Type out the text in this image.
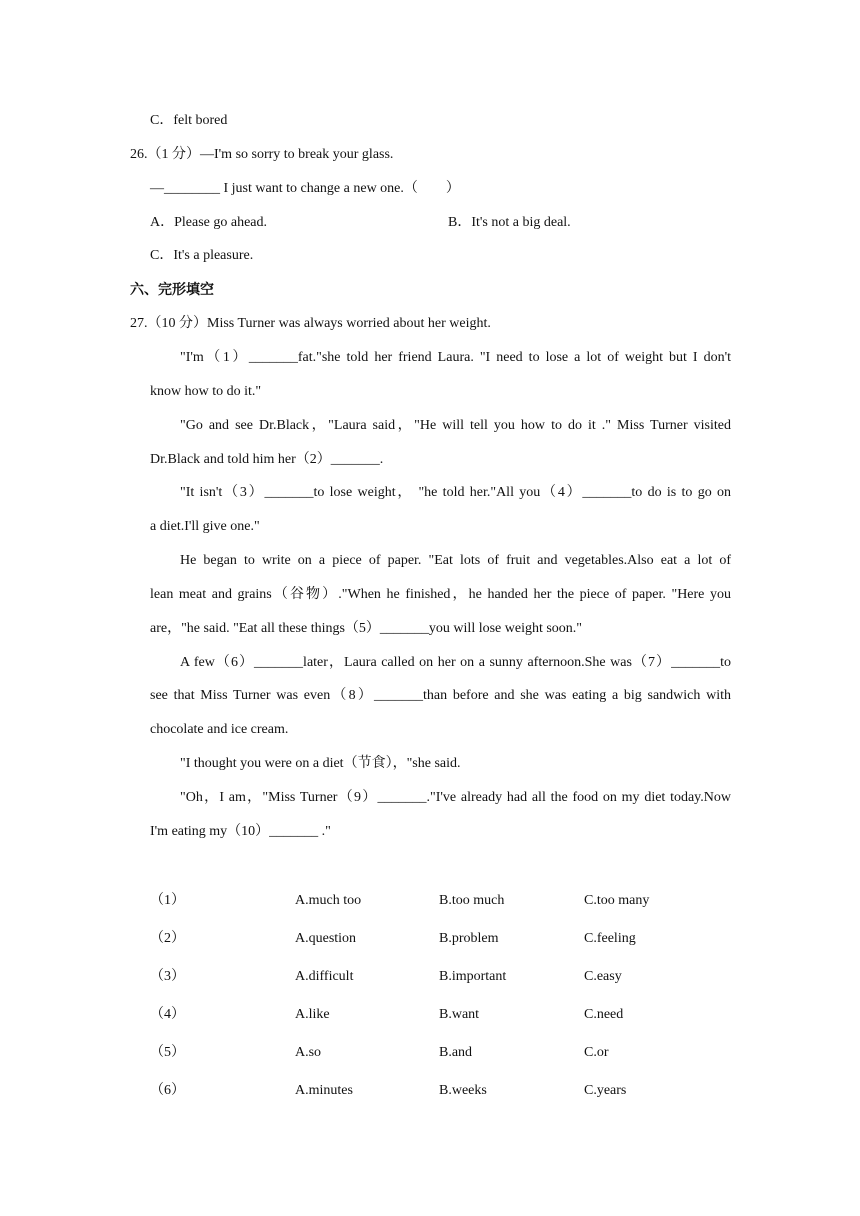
C．felt bored
26.（1 分）—I'm so sorry to break your glass.
—________ I just want to change a new one.（　　）
A．Please go ahead.	B．It's not a big deal.
C．It's a pleasure.
六、完形填空
27.（10 分）Miss Turner was always worried about her weight.
"I'm（1）_______fat."she told her friend Laura. "I need to lose a lot of weight but I don't
know how to do it."
"Go and see Dr.Black，"Laura said，"He will tell you how to do it ." Miss Turner visited
Dr.Black and told him her（2）_______.
"It isn't（3）_______to lose weight， "he told her."All you（4）_______to do is to go on
a diet.I'll give one."
He began to write on a piece of paper. "Eat lots of fruit and vegetables.Also eat a lot of
lean meat and grains（谷物）."When he finished，he handed her the piece of paper. "Here you
are，"he said. "Eat all these things（5）_______you will lose weight soon."
A few（6）_______later，Laura called on her on a sunny afternoon.She was（7）_______to
see that Miss Turner was even（8）_______than before and she was eating a big sandwich with
chocolate and ice cream.
"I thought you were on a diet（节食），"she said.
"Oh，I am，"Miss Turner（9）_______."I've already had all the food on my diet today.Now
I'm eating my（10）_______ ."
（1）	A.much too	B.too much	C.too many
（2）	A.question	B.problem	C.feeling
（3）	A.difficult	B.important	C.easy
（4）	A.like	B.want	C.need
（5）	A.so	B.and	C.or
（6）	A.minutes	B.weeks	C.years
